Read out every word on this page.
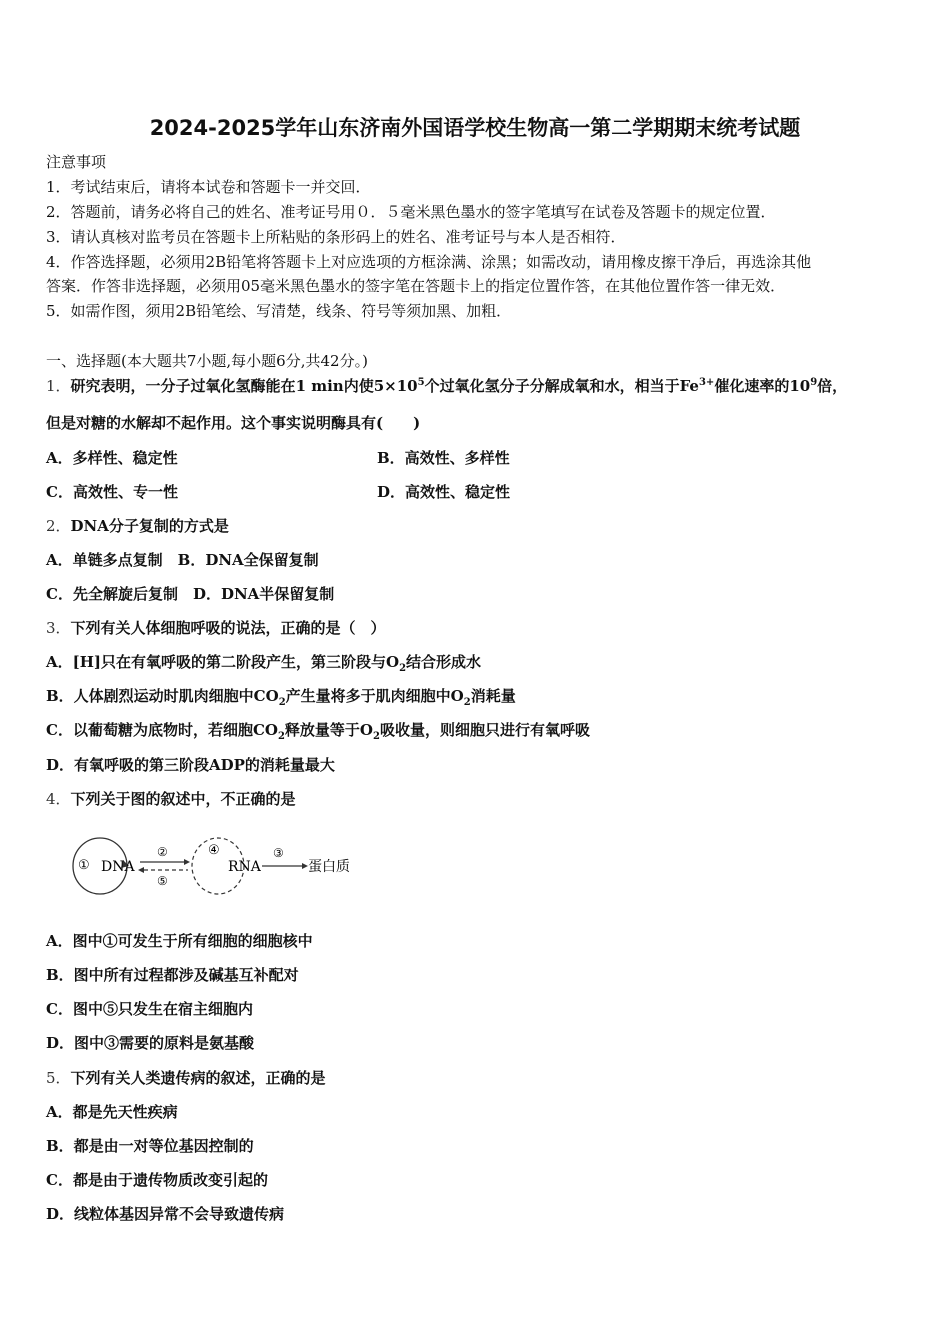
2024-2025学年山东济南外国语学校生物高一第二学期期末统考试题
注意事项
1．考试结束后，请将本试卷和答题卡一并交回．
2．答题前，请务必将自己的姓名、准考证号用０．５毫米黑色墨水的签字笔填写在试卷及答题卡的规定位置．
3．请认真核对监考员在答题卡上所粘贴的条形码上的姓名、准考证号与本人是否相符．
4．作答选择题，必须用2B铅笔将答题卡上对应选项的方框涂满、涂黑；如需改动，请用橡皮擦干净后，再选涂其他
答案．作答非选择题，必须用05毫米黑色墨水的签字笔在答题卡上的指定位置作答，在其他位置作答一律无效．
5．如需作图，须用2B铅笔绘、写清楚，线条、符号等须加黑、加粗．
一、选择题(本大题共7小题,每小题6分,共42分。)
1．研究表明，一分子过氧化氢酶能在1 min内使$5\times 10^5$个过氧化氢分子分解成氧和水，相当于$Fe^{3+}$催化速率的$10^9$倍，
但是对糖的水解却不起作用。这个事实说明酶具有(　　)
A．多样性、稳定性	B．高效性、多样性
C．高效性、专一性	D．高效性、稳定性
2．DNA分子复制的方式是
A．单链多点复制　B．DNA全保留复制
C．先全解旋后复制　D．DNA半保留复制
3．下列有关人体细胞呼吸的说法，正确的是（　）
A．[H]只在有氧呼吸的第二阶段产生，第三阶段与$O_2$结合形成水
B．人体剧烈运动时肌肉细胞中$CO_2$产生量将多于肌肉细胞中$O_2$消耗量
C．以葡萄糖为底物时，若细胞$CO_2$释放量等于$O_2$吸收量，则细胞只进行有氧呼吸
D．有氧呼吸的第三阶段ADP的消耗量最大
4．下列关于图的叙述中，不正确的是
① DNA
②
⑤
④
RNA
③
蛋白质
A．图中①可发生于所有细胞的细胞核中
B．图中所有过程都涉及碱基互补配对
C．图中⑤只发生在宿主细胞内
D．图中③需要的原料是氨基酸
5．下列有关人类遗传病的叙述，正确的是
A．都是先天性疾病
B．都是由一对等位基因控制的
C．都是由于遗传物质改变引起的
D．线粒体基因异常不会导致遗传病
